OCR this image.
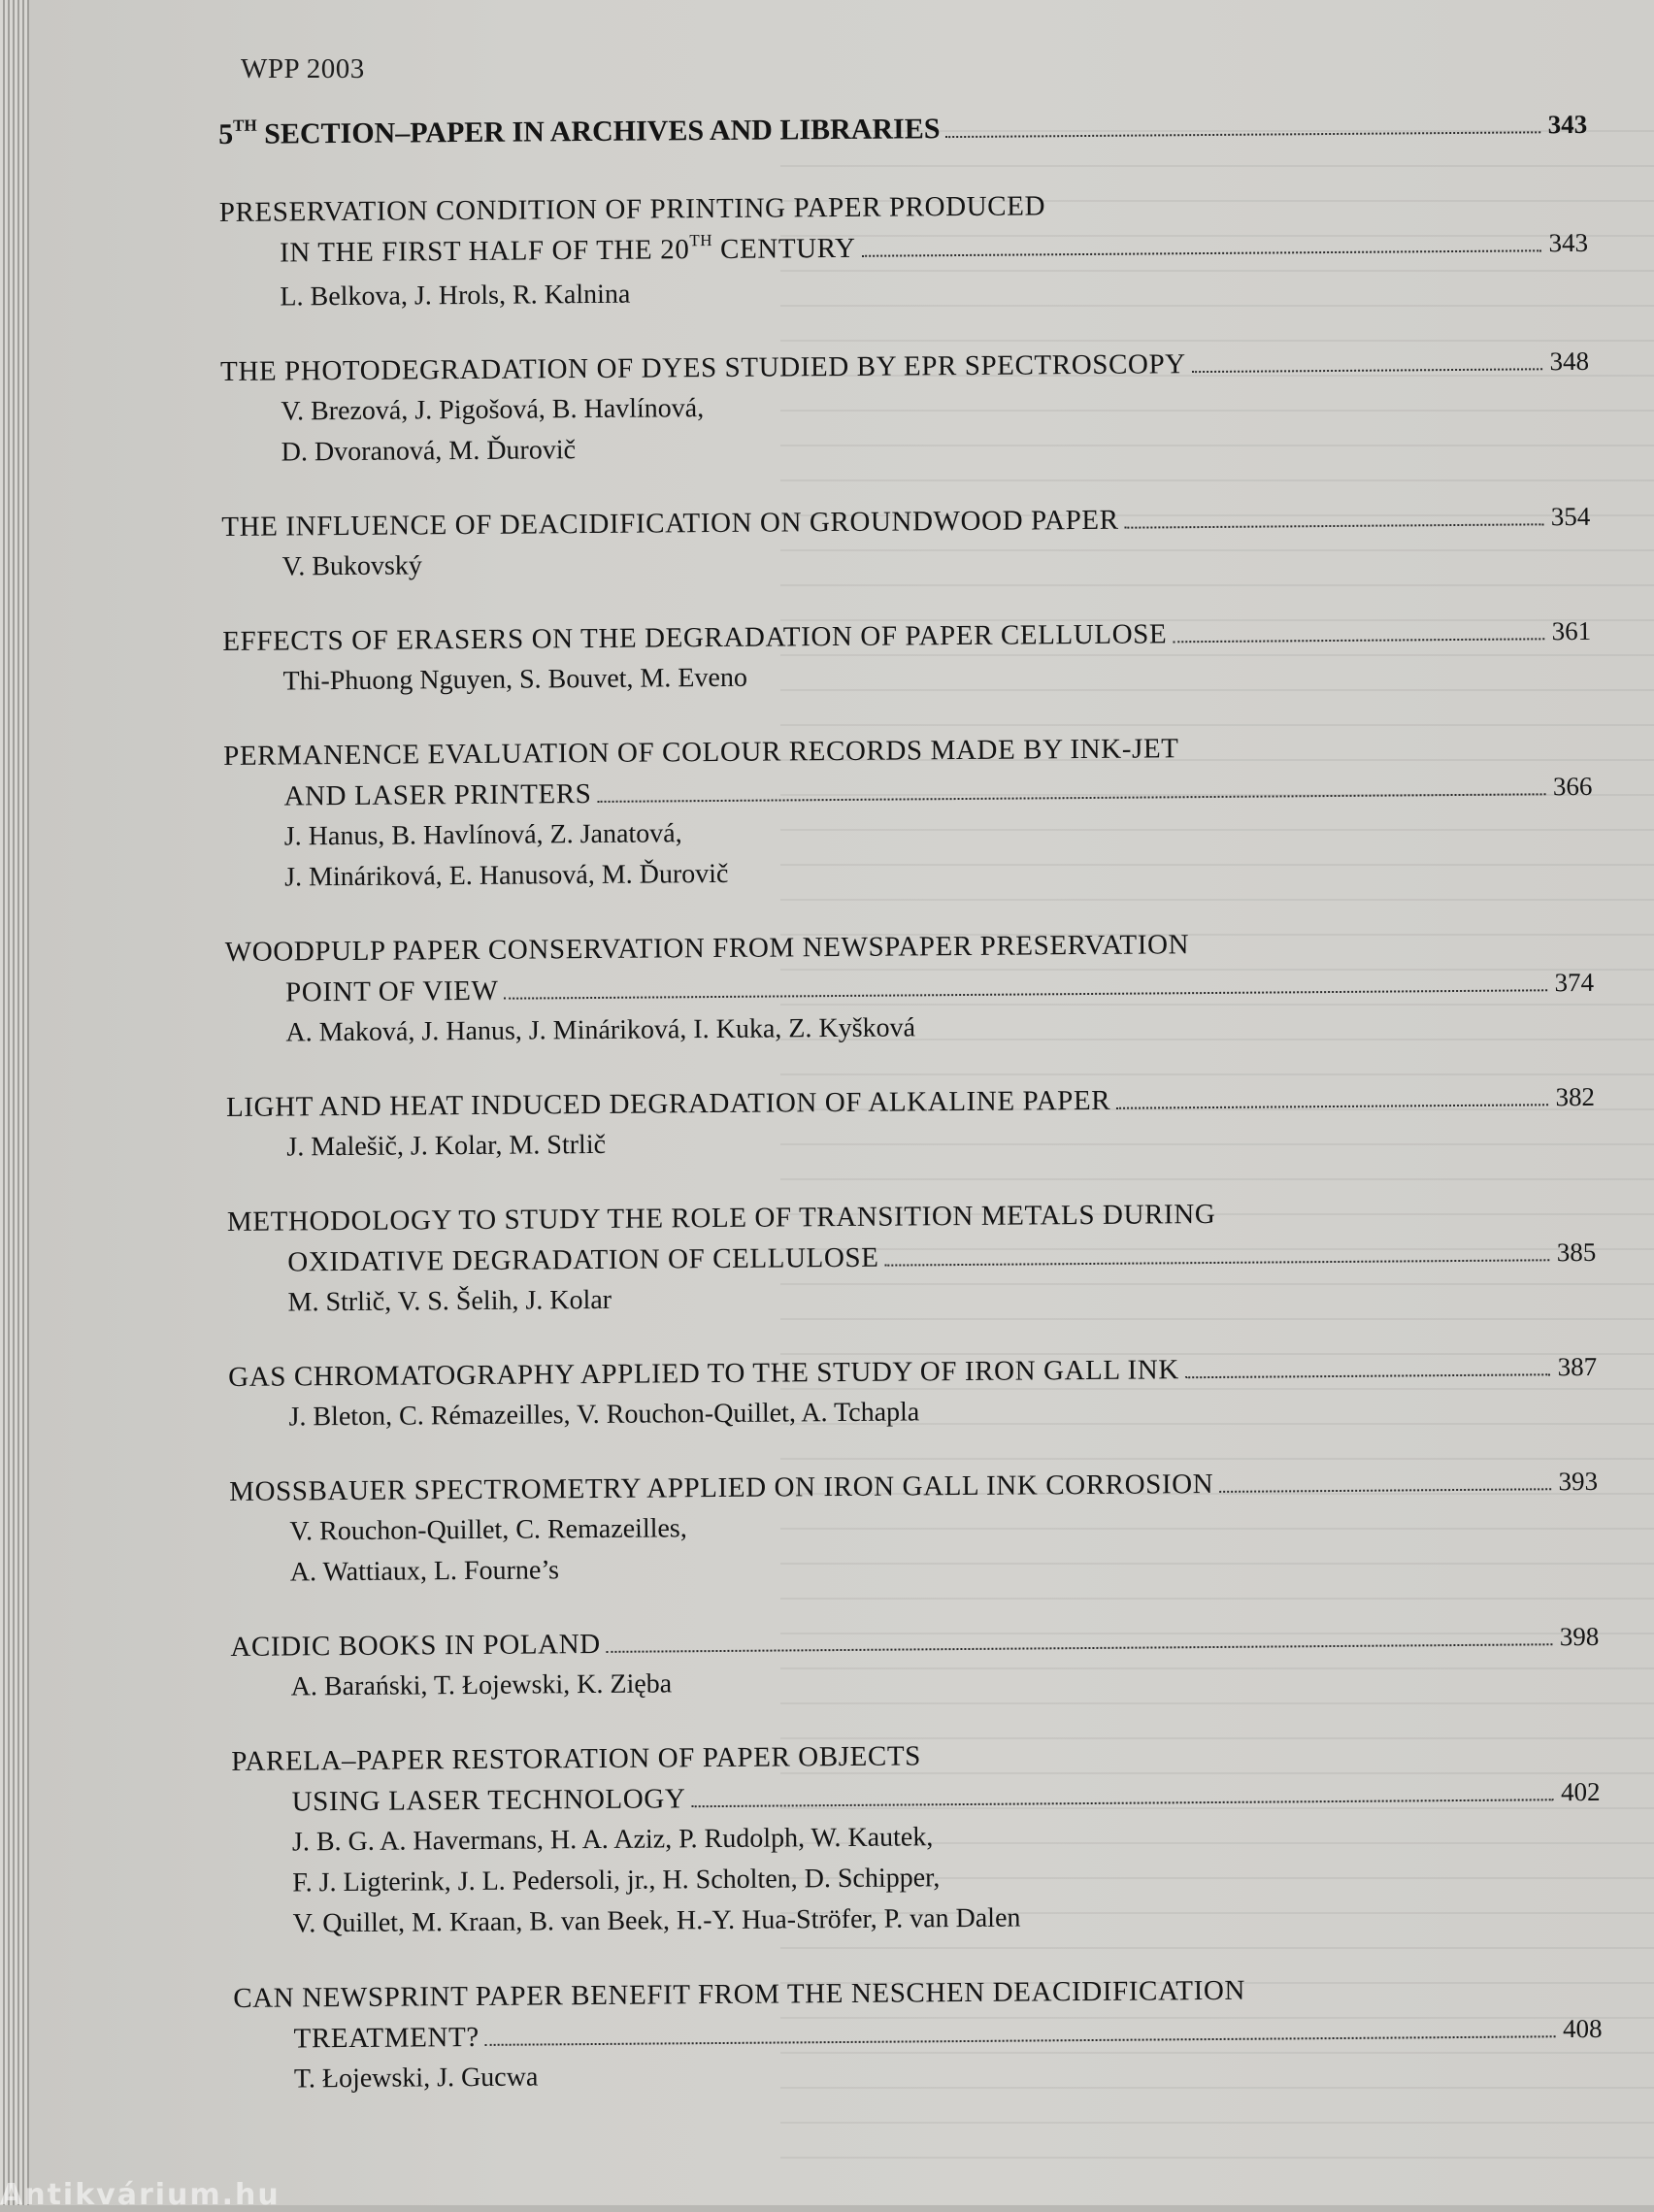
WPP 2003
5TH SECTION–PAPER IN ARCHIVES AND LIBRARIES	343
PRESERVATION CONDITION OF PRINTING PAPER PRODUCED
IN THE FIRST HALF OF THE 20TH CENTURY	343
L. Belkova, J. Hrols, R. Kalnina
THE PHOTODEGRADATION OF DYES STUDIED BY EPR SPECTROSCOPY	348
V. Brezová, J. Pigošová, B. Havlínová,
D. Dvoranová, M. Ďurovič
THE INFLUENCE OF DEACIDIFICATION ON GROUNDWOOD PAPER	354
V. Bukovský
EFFECTS OF ERASERS ON THE DEGRADATION OF PAPER CELLULOSE	361
Thi-Phuong Nguyen, S. Bouvet, M. Eveno
PERMANENCE EVALUATION OF COLOUR RECORDS MADE BY INK-JET
AND LASER PRINTERS	366
J. Hanus, B. Havlínová, Z. Janatová,
J. Mináriková, E. Hanusová, M. Ďurovič
WOODPULP PAPER CONSERVATION FROM NEWSPAPER PRESERVATION
POINT OF VIEW	374
A. Maková, J. Hanus, J. Mináriková, I. Kuka, Z. Kyšková
LIGHT AND HEAT INDUCED DEGRADATION OF ALKALINE PAPER	382
J. Malešič, J. Kolar, M. Strlič
METHODOLOGY TO STUDY THE ROLE OF TRANSITION METALS DURING
OXIDATIVE DEGRADATION OF CELLULOSE	385
M. Strlič, V. S. Šelih, J. Kolar
GAS CHROMATOGRAPHY APPLIED TO THE STUDY OF IRON GALL INK	387
J. Bleton, C. Rémazeilles, V. Rouchon-Quillet, A. Tchapla
MOSSBAUER SPECTROMETRY APPLIED ON IRON GALL INK CORROSION	393
V. Rouchon-Quillet, C. Remazeilles,
A. Wattiaux, L. Fourne’s
ACIDIC BOOKS IN POLAND	398
A. Barański, T. Łojewski, K. Zięba
PARELA–PAPER RESTORATION OF PAPER OBJECTS
USING LASER TECHNOLOGY	402
J. B. G. A. Havermans, H. A. Aziz, P. Rudolph, W. Kautek,
F. J. Ligterink, J. L. Pedersoli, jr., H. Scholten, D. Schipper,
V. Quillet, M. Kraan, B. van Beek, H.-Y. Hua-Ströfer, P. van Dalen
CAN NEWSPRINT PAPER BENEFIT FROM THE NESCHEN DEACIDIFICATION
TREATMENT?	408
T. Łojewski, J. Gucwa
Antikvárium.hu
